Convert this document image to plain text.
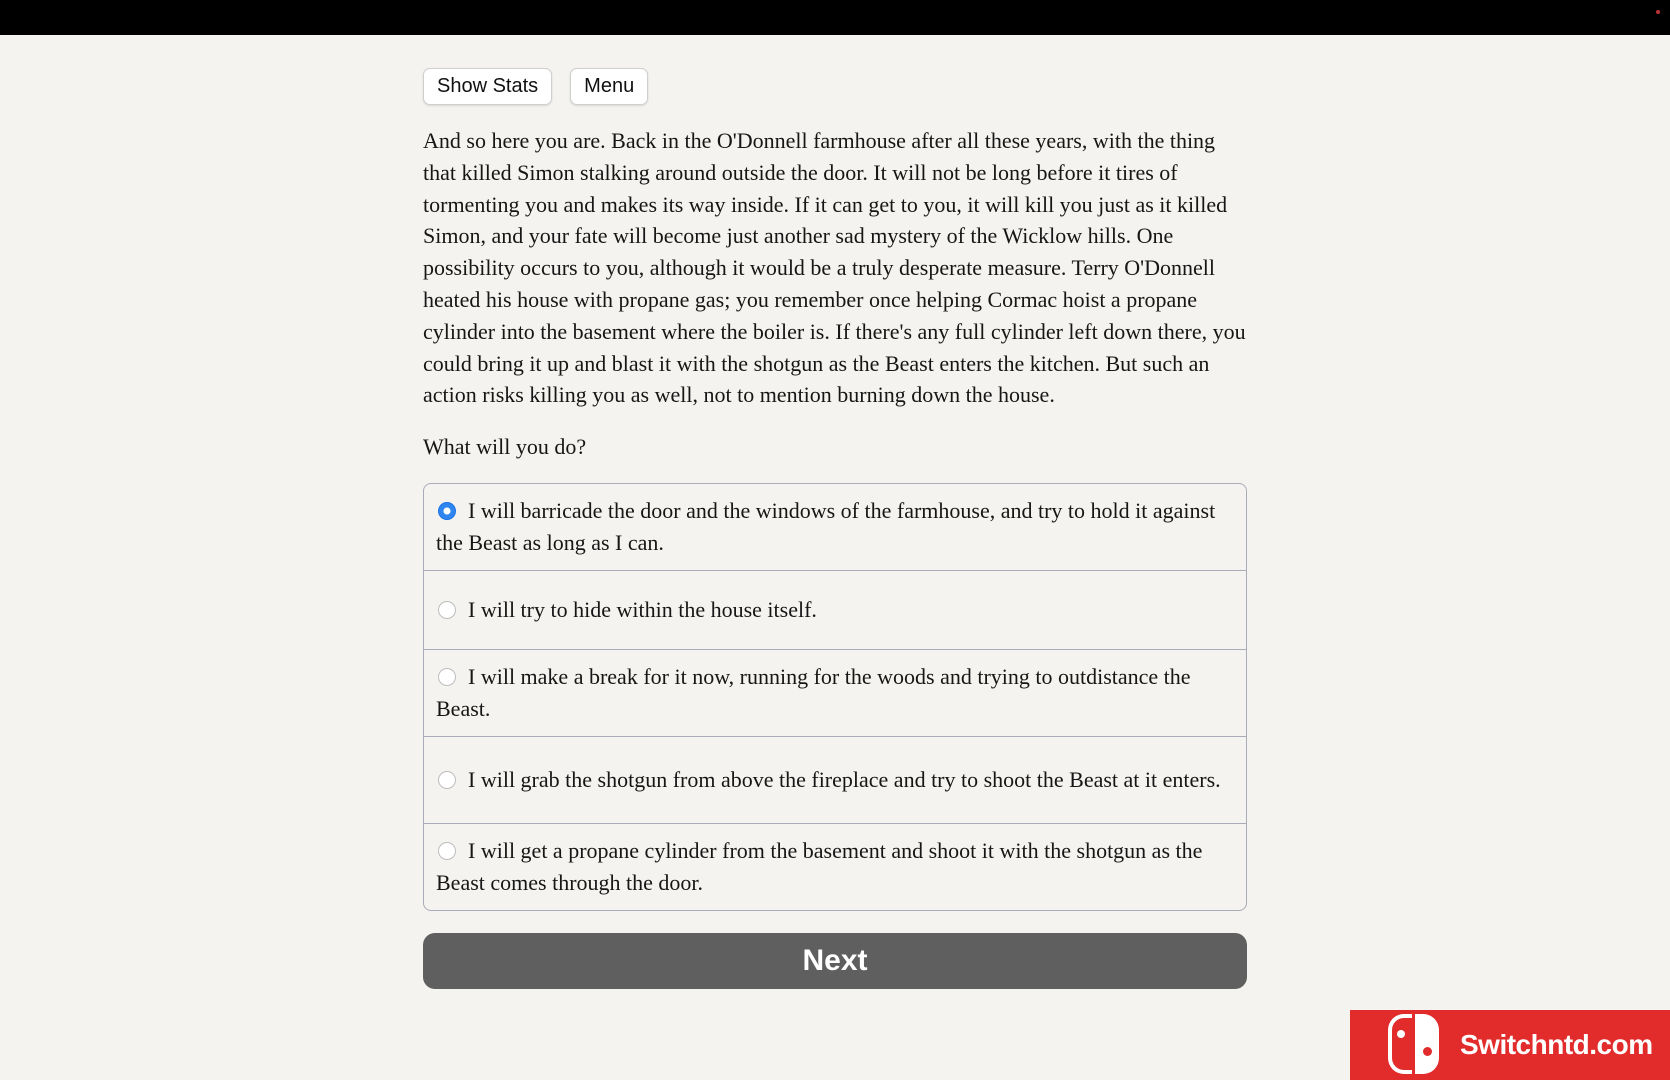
Show Stats	Menu

And so here you are. Back in the O'Donnell farmhouse after all these years, with the thing that killed Simon stalking around outside the door. It will not be long before it tires of tormenting you and makes its way inside. If it can get to you, it will kill you just as it killed Simon, and your fate will become just another sad mystery of the Wicklow hills. One possibility occurs to you, although it would be a truly desperate measure. Terry O'Donnell heated his house with propane gas; you remember once helping Cormac hoist a propane cylinder into the basement where the boiler is. If there's any full cylinder left down there, you could bring it up and blast it with the shotgun as the Beast enters the kitchen. But such an action risks killing you as well, not to mention burning down the house.

What will you do?

I will barricade the door and the windows of the farmhouse, and try to hold it against the Beast as long as I can.
I will try to hide within the house itself.
I will make a break for it now, running for the woods and trying to outdistance the Beast.
I will grab the shotgun from above the fireplace and try to shoot the Beast at it enters.
I will get a propane cylinder from the basement and shoot it with the shotgun as the Beast comes through the door.
Next
Switchntd.com
